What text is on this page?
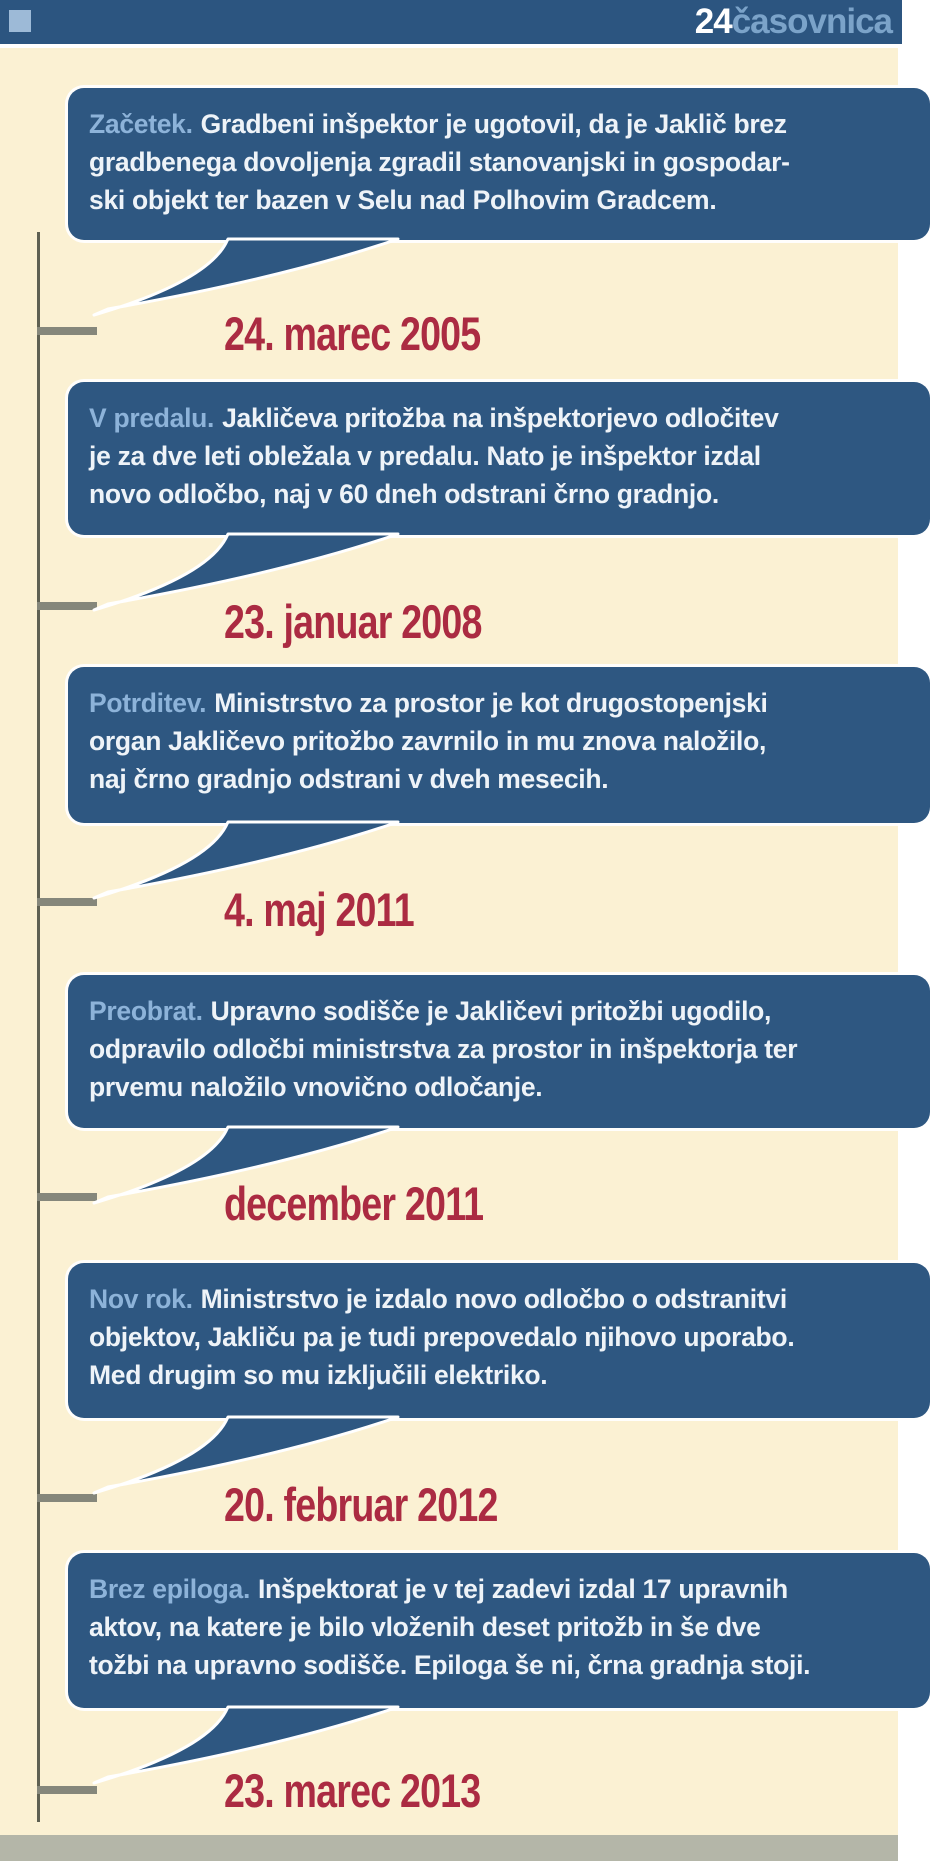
24časovnica

Začetek. Gradbeni inšpektor je ugotovil, da je Jaklič brez

gradbenega dovoljenja zgradil stanovanjski in gospodar-

ski objekt ter bazen v Selu nad Polhovim Gradcem.

24. marec 2005

V predalu. Jakličeva pritožba na inšpektorjevo odločitev

je za dve leti obležala v predalu. Nato je inšpektor izdal

novo odločbo, naj v 60 dneh odstrani črno gradnjo.

23. januar 2008

Potrditev. Ministrstvo za prostor je kot drugostopenjski

organ Jakličevo pritožbo zavrnilo in mu znova naložilo,

naj črno gradnjo odstrani v dveh mesecih.

4. maj 2011

Preobrat. Upravno sodišče je Jakličevi pritožbi ugodilo,

odpravilo odločbi ministrstva za prostor in inšpektorja ter

prvemu naložilo vnovično odločanje.

december 2011

Nov rok. Ministrstvo je izdalo novo odločbo o odstranitvi

objektov, Jakliču pa je tudi prepovedalo njihovo uporabo.

Med drugim so mu izključili elektriko.

20. februar 2012

Brez epiloga. Inšpektorat je v tej zadevi izdal 17 upravnih

aktov, na katere je bilo vloženih deset pritožb in še dve

tožbi na upravno sodišče. Epiloga še ni, črna gradnja stoji.

23. marec 2013
